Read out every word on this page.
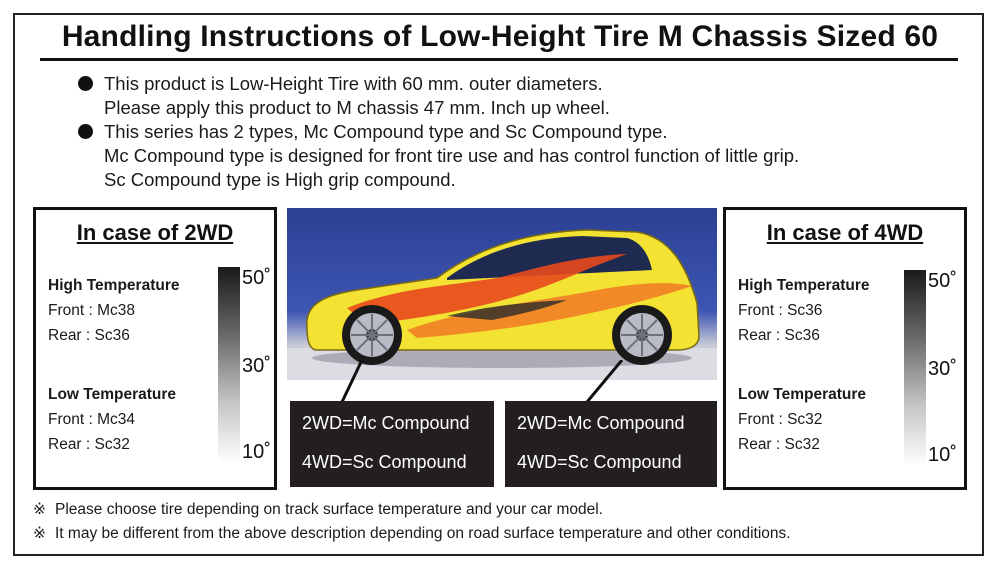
Handling Instructions of Low-Height Tire M Chassis Sized 60
This product is Low-Height Tire with 60 mm. outer diameters.
Please apply this product to M chassis 47 mm. Inch up wheel.
This series has 2 types, Mc Compound type and Sc Compound type.
Mc Compound type is designed for front tire use and has control function of little grip.
Sc Compound type is High grip compound.
In case of 2WD
High Temperature
Front : Mc38
Rear : Sc36
Low Temperature
Front : Mc34
Rear : Sc32
50˚
30˚
10˚
In case of 4WD
High Temperature
Front : Sc36
Rear : Sc36
Low Temperature
Front : Sc32
Rear : Sc32
50˚
30˚
10˚
2WD=Mc Compound
4WD=Sc Compound
2WD=Mc Compound
4WD=Sc Compound
※ Please choose tire depending on track surface temperature and your car model.
※ It may be different from the above description depending on road surface temperature and other conditions.
